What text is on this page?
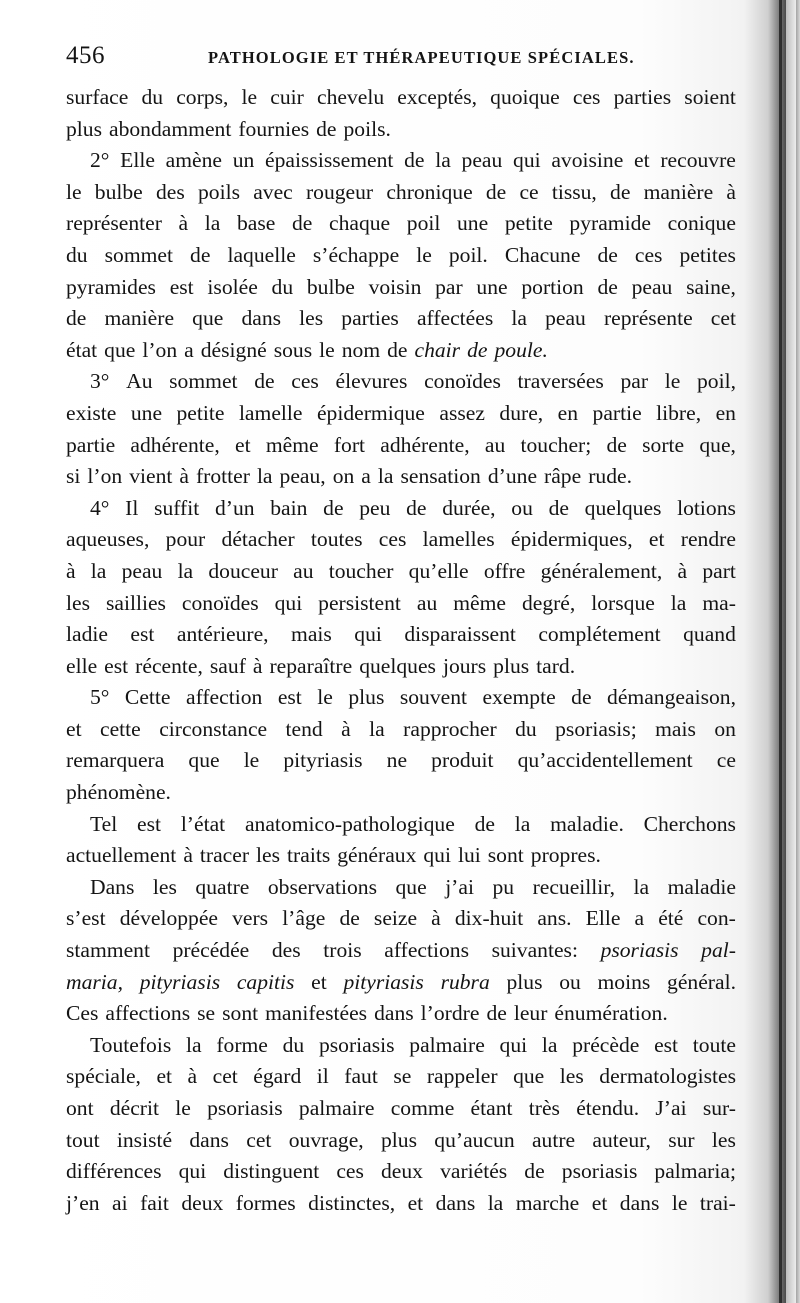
456	PATHOLOGIE ET THÉRAPEUTIQUE SPÉCIALES.
surface du corps, le cuir chevelu exceptés, quoique ces parties soient
plus abondamment fournies de poils.
2° Elle amène un épaississement de la peau qui avoisine et recouvre
le bulbe des poils avec rougeur chronique de ce tissu, de manière à
représenter à la base de chaque poil une petite pyramide conique
du sommet de laquelle s’échappe le poil. Chacune de ces petites
pyramides est isolée du bulbe voisin par une portion de peau saine,
de manière que dans les parties affectées la peau représente cet
état que l’on a désigné sous le nom de chair de poule.
3° Au sommet de ces élevures conoïdes traversées par le poil,
existe une petite lamelle épidermique assez dure, en partie libre, en
partie adhérente, et même fort adhérente, au toucher; de sorte que,
si l’on vient à frotter la peau, on a la sensation d’une râpe rude.
4° Il suffit d’un bain de peu de durée, ou de quelques lotions
aqueuses, pour détacher toutes ces lamelles épidermiques, et rendre
à la peau la douceur au toucher qu’elle offre généralement, à part
les saillies conoïdes qui persistent au même degré, lorsque la ma-
ladie est antérieure, mais qui disparaissent complétement quand
elle est récente, sauf à reparaître quelques jours plus tard.
5° Cette affection est le plus souvent exempte de démangeaison,
et cette circonstance tend à la rapprocher du psoriasis; mais on
remarquera que le pityriasis ne produit qu’accidentellement ce
phénomène.
Tel est l’état anatomico-pathologique de la maladie. Cherchons
actuellement à tracer les traits généraux qui lui sont propres.
Dans les quatre observations que j’ai pu recueillir, la maladie
s’est développée vers l’âge de seize à dix-huit ans. Elle a été con-
stamment précédée des trois affections suivantes: psoriasis pal-
maria, pityriasis capitis et pityriasis rubra plus ou moins général.
Ces affections se sont manifestées dans l’ordre de leur énumération.
Toutefois la forme du psoriasis palmaire qui la précède est toute
spéciale, et à cet égard il faut se rappeler que les dermatologistes
ont décrit le psoriasis palmaire comme étant très étendu. J’ai sur-
tout insisté dans cet ouvrage, plus qu’aucun autre auteur, sur les
différences qui distinguent ces deux variétés de psoriasis palmaria;
j’en ai fait deux formes distinctes, et dans la marche et dans le trai-
